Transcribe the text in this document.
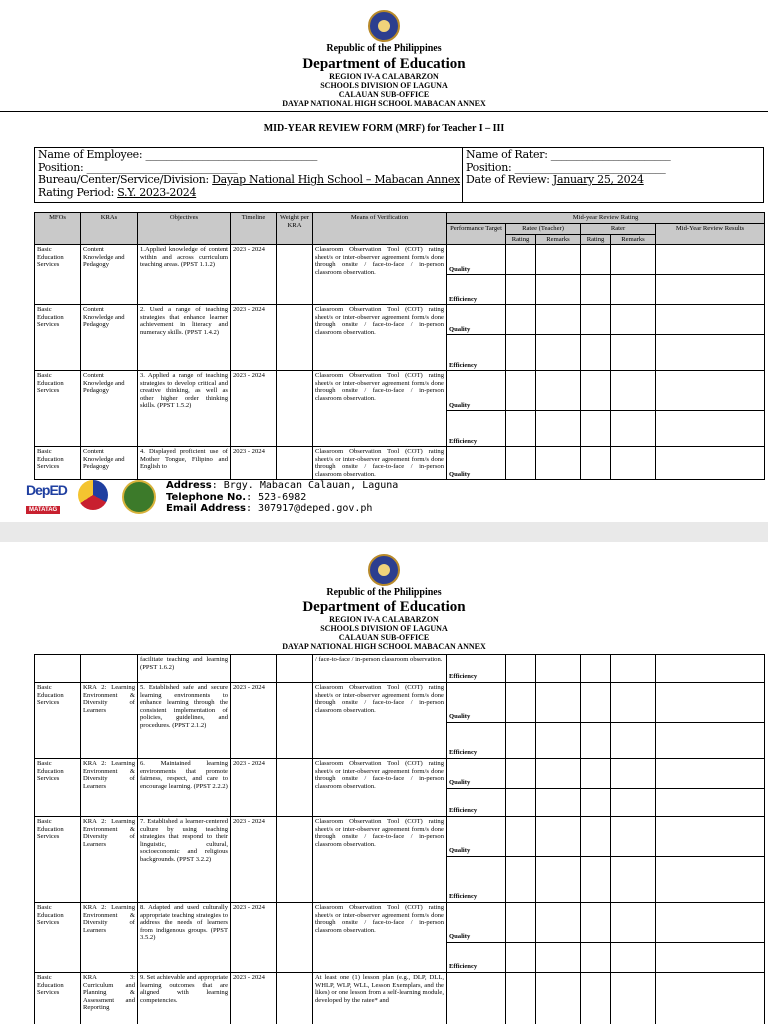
Republic of the Philippines
Department of Education
REGION IV-A CALABARZON
SCHOOLS DIVISION OF LAGUNA
CALAUAN SUB-OFFICE
DAYAP NATIONAL HIGH SCHOOL MABACAN ANNEX
MID-YEAR REVIEW FORM (MRF) for Teacher I – III
Name of Employee: _________________________________
Position: _____________________________
Bureau/Center/Service/Division: Dayap National High School – Mabacan Annex
Rating Period: S.Y. 2023-2024
Name of Rater: _______________________
Position: _____________________________
Date of Review: January 25, 2024
MFOs	KRAs	Objectives	Timeline	Weight per KRA	Means of Verification	Mid-year Review Rating					
						Performance Target	Ratee (Teacher)		Rater		Mid-Year Review Results
							Rating	Remarks	Rating	Remarks	
Basic Education Services	Content Knowledge and Pedagogy	1.Applied knowledge of content within and across curriculum teaching areas. (PPST 1.1.2)	2023 - 2024		Classroom Observation Tool (COT) rating sheet/s or inter-observer agreement form/s done through onsite / face-to-face / in-person classroom observation.	Quality					
						Efficiency					
Basic Education Services	Content Knowledge and Pedagogy	2. Used a range of teaching strategies that enhance learner achievement in literacy and numeracy skills. (PPST 1.4.2)	2023 - 2024		Classroom Observation Tool (COT) rating sheet/s or inter-observer agreement form/s done through onsite / face-to-face / in-person classroom observation.	Quality					
						Efficiency					
Basic Education Services	Content Knowledge and Pedagogy	3. Applied a range of teaching strategies to develop critical and creative thinking, as well as other higher order thinking skills. (PPST 1.5.2)	2023 - 2024		Classroom Observation Tool (COT) rating sheet/s or inter-observer agreement form/s done through onsite / face-to-face / in-person classroom observation.	Quality					
						Efficiency					
Basic Education Services	Content Knowledge and Pedagogy	4. Displayed proficient use of Mother Tongue, Filipino and English to	2023 - 2024		Classroom Observation Tool (COT) rating sheet/s or inter-observer agreement form/s done through onsite / face-to-face / in-person classroom observation.	Quality					
DepED
MATATAG
Address: Brgy. Mabacan Calauan, Laguna
Telephone No.: 523-6982
Email Address: 307917@deped.gov.ph
Republic of the Philippines
Department of Education
REGION IV-A CALABARZON
SCHOOLS DIVISION OF LAGUNA
CALAUAN SUB-OFFICE
DAYAP NATIONAL HIGH SCHOOL MABACAN ANNEX
		facilitate teaching and learning (PPST 1.6.2)			/ face-to-face / in-person classroom observation.	Efficiency					
Basic Education Services	KRA 2: Learning Environment & Diversity of Learners	5. Established safe and secure learning environments to enhance learning through the consistent implementation of policies, guidelines, and procedures. (PPST 2.1.2)	2023 - 2024		Classroom Observation Tool (COT) rating sheet/s or inter-observer agreement form/s done through onsite / face-to-face / in-person classroom observation.	Quality					
						Efficiency					
Basic Education Services	KRA 2: Learning Environment & Diversity of Learners	6. Maintained learning environments that promote fairness, respect, and care to encourage learning. (PPST 2.2.2)	2023 - 2024		Classroom Observation Tool (COT) rating sheet/s or inter-observer agreement form/s done through onsite / face-to-face / in-person classroom observation.	Quality					
						Efficiency					
Basic Education Services	KRA 2: Learning Environment & Diversity of Learners	7. Established a learner-centered culture by using teaching strategies that respond to their linguistic, cultural, socioeconomic and religious backgrounds. (PPST 3.2.2)	2023 - 2024		Classroom Observation Tool (COT) rating sheet/s or inter-observer agreement form/s done through onsite / face-to-face / in-person classroom observation.	Quality					
						Efficiency					
Basic Education Services	KRA 2: Learning Environment & Diversity of Learners	8. Adapted and used culturally appropriate teaching strategies to address the needs of learners from indigenous groups. (PPST 3.5.2)	2023 - 2024		Classroom Observation Tool (COT) rating sheet/s or inter-observer agreement form/s done through onsite / face-to-face / in-person classroom observation.	Quality					
						Efficiency					
Basic Education Services	KRA 3: Curriculum and Planning & Assessment and Reporting	9. Set achievable and appropriate learning outcomes that are aligned with learning competencies.	2023 - 2024		At least one (1) lesson plan (e.g., DLP, DLL, WHLP, WLP, WLL, Lesson Exemplars, and the likes) or one lesson from a self-learning module, developed by the ratee* and						
